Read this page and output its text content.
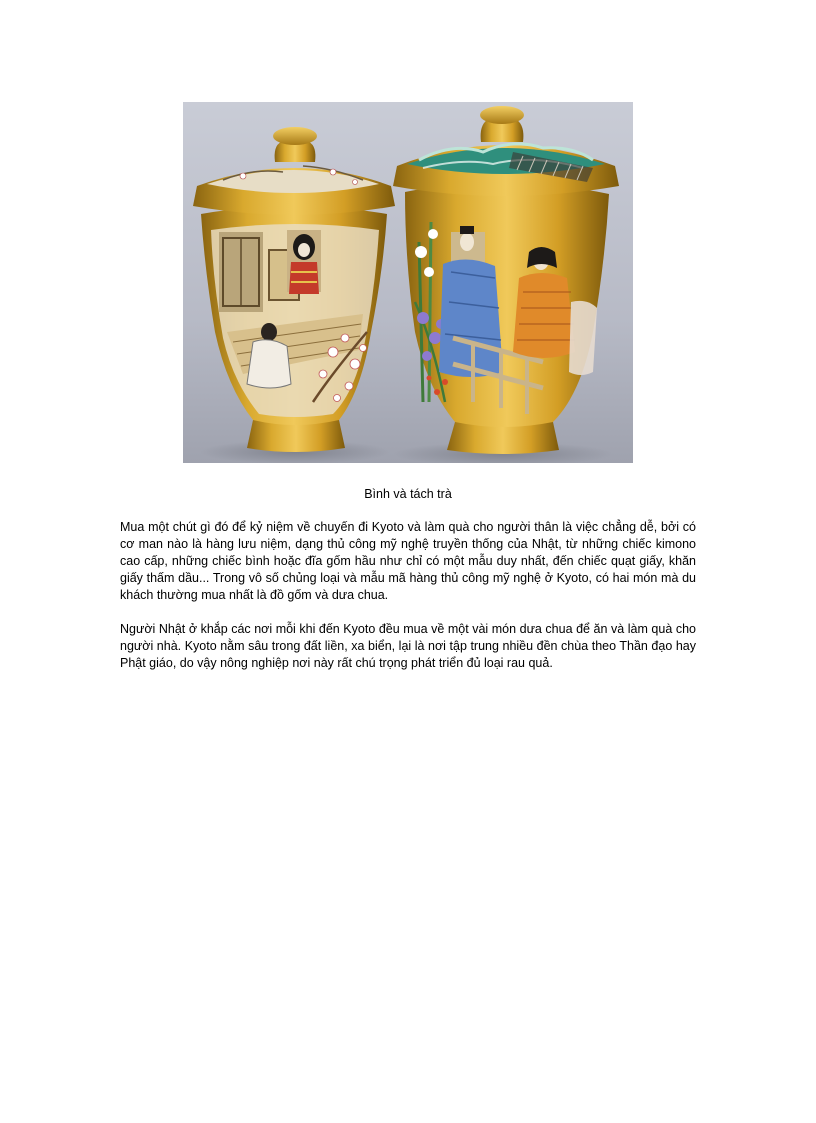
Bình và tách trà

Mua một chút gì đó để kỷ niệm về chuyến đi Kyoto và làm quà cho người thân là việc chẳng dễ, bởi có cơ man nào là hàng lưu niệm, dạng thủ công mỹ nghệ truyền thống của Nhật, từ những chiếc kimono cao cấp, những chiếc bình hoặc đĩa gốm hầu như chỉ có một mẫu duy nhất, đến chiếc quạt giấy, khăn giấy thấm dầu... Trong vô số chủng loại và mẫu mã hàng thủ công mỹ nghệ ở Kyoto, có hai món mà du khách thường mua nhất là đồ gốm và dưa chua.

Người Nhật ở khắp các nơi mỗi khi đến Kyoto đều mua về một vài món dưa chua để ăn và làm quà cho người nhà. Kyoto nằm sâu trong đất liền, xa biển, lại là nơi tập trung nhiều đền chùa theo Thần đạo hay Phật giáo, do vậy nông nghiệp nơi này rất chú trọng phát triển đủ loại rau quả.
